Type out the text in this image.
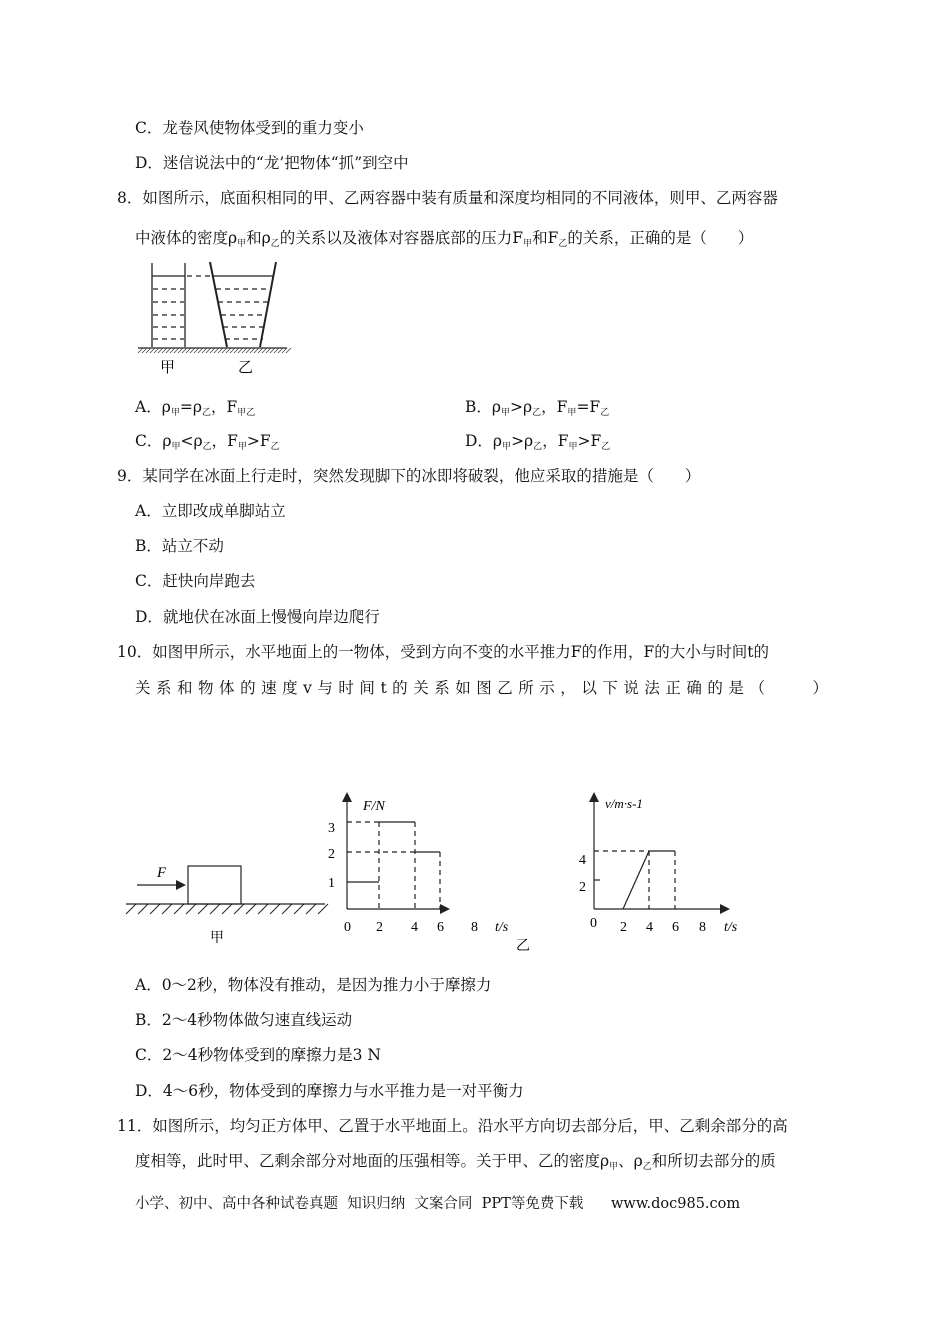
C．龙卷风使物体受到的重力变小
D．迷信说法中的“龙’把物体“抓”到空中
8．如图所示，底面积相同的甲、乙两容器中装有质量和深度均相同的不同液体，则甲、乙两容器
中液体的密度ρ甲和ρ乙的关系以及液体对容器底部的压力F甲和F乙的关系，正确的是（　　）
甲	乙
A．ρ甲=ρ乙，F甲乙	B．ρ甲>ρ乙，F甲=F乙
C．ρ甲<ρ乙，F甲>F乙	D．ρ甲>ρ乙，F甲>F乙
9．某同学在冰面上行走时，突然发现脚下的冰即将破裂，他应采取的措施是（　　）
A．立即改成单脚站立
B．站立不动
C．赶快向岸跑去
D．就地伏在冰面上慢慢向岸边爬行
10．如图甲所示，水平地面上的一物体，受到方向不变的水平推力F的作用，F的大小与时间t的
关系和物体的速度v与时间t的关系如图乙所示，以下说法正确的是（　　）
F
甲
F/N
1
2
3
0 2 4 6 8 t/s
乙
v/m·s-1
2
4
0 2 4 6 8 t/s
A．0～2秒，物体没有推动，是因为推力小于摩擦力
B．2～4秒物体做匀速直线运动
C．2～4秒物体受到的摩擦力是3 N
D．4～6秒，物体受到的摩擦力与水平推力是一对平衡力
11．如图所示，均匀正方体甲、乙置于水平地面上。沿水平方向切去部分后，甲、乙剩余部分的高
度相等，此时甲、乙剩余部分对地面的压强相等。关于甲、乙的密度ρ甲、ρ乙和所切去部分的质
小学、初中、高中各种试卷真题  知识归纳  文案合同  PPT等免费下载      www.doc985.com
